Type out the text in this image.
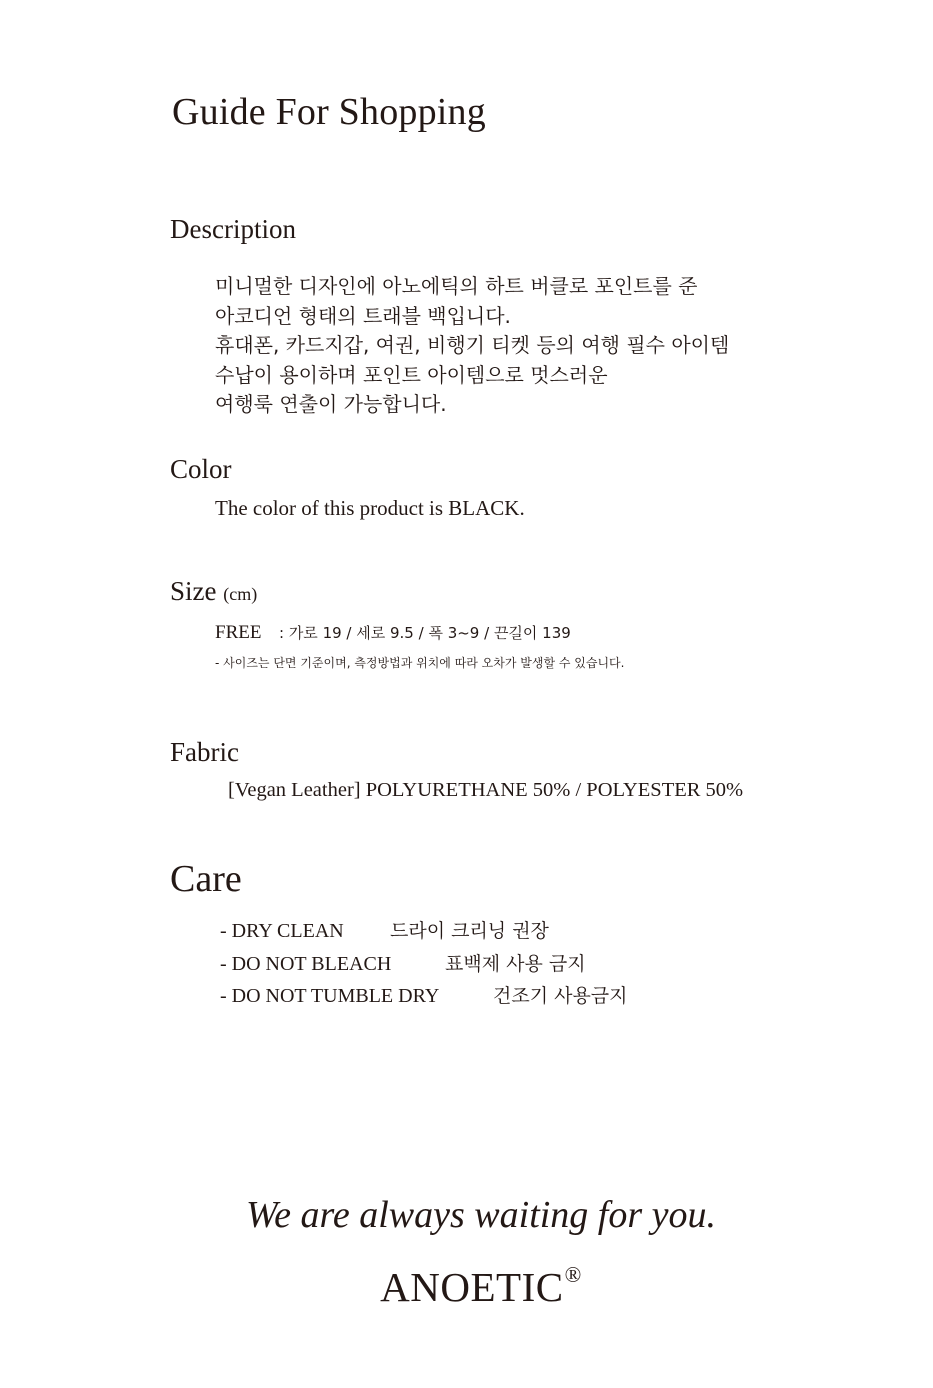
Guide For Shopping
Description
미니멀한 디자인에 아노에틱의 하트 버클로 포인트를 준
아코디언 형태의 트래블 백입니다.
휴대폰, 카드지갑, 여권, 비행기 티켓 등의 여행 필수 아이템
수납이 용이하며 포인트 아이템으로 멋스러운
여행룩 연출이 가능합니다.
Color
The color of this product is BLACK.
Size (cm)
FREE : 가로 19 / 세로 9.5 / 폭 3~9 / 끈길이 139
- 사이즈는 단면 기준이며, 측정방법과 위치에 따라 오차가 발생할 수 있습니다.
Fabric
[Vegan Leather] POLYURETHANE 50% / POLYESTER 50%
Care
- DRY CLEAN 드라이 크리닝 권장
- DO NOT BLEACH	표백제 사용 금지
- DO NOT TUMBLE DRY	건조기 사용금지
We are always waiting for you.
ANOETIC®
